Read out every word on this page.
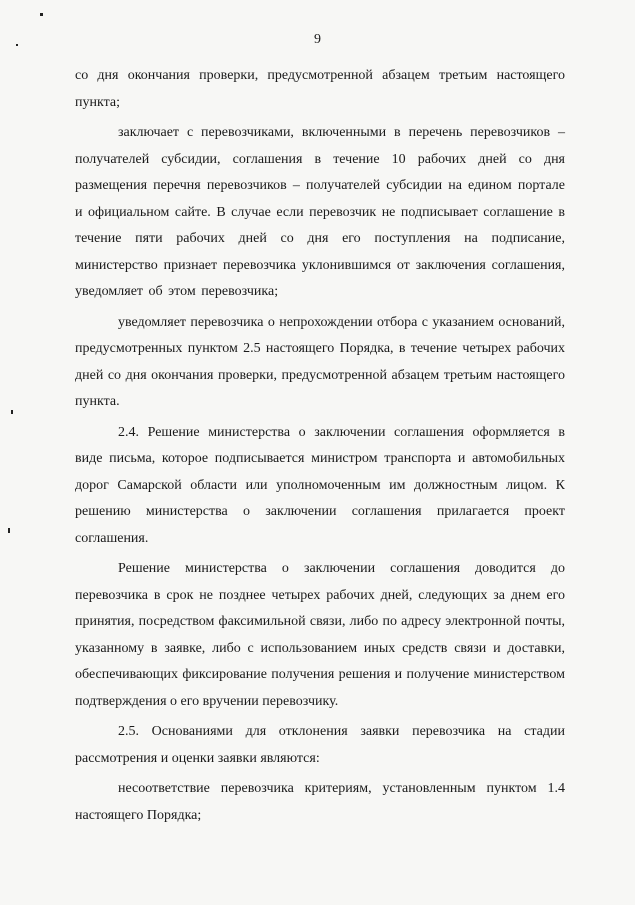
9

со дня окончания проверки, предусмотренной абзацем третьим настоящего пункта;

заключает с перевозчиками, включенными в перечень перевозчиков – получателей субсидии, соглашения в течение 10 рабочих дней со дня размещения перечня перевозчиков – получателей субсидии на едином портале и официальном сайте. В случае если перевозчик не подписывает соглашение в течение пяти рабочих дней со дня его поступления на подписание, министерство признает перевозчика уклонившимся от заключения соглашения, уведомляет об этом перевозчика;

уведомляет перевозчика о непрохождении отбора с указанием оснований, предусмотренных пунктом 2.5 настоящего Порядка, в течение четырех рабочих дней со дня окончания проверки, предусмотренной абзацем третьим настоящего пункта.

2.4. Решение министерства о заключении соглашения оформляется в виде письма, которое подписывается министром транспорта и автомобильных дорог Самарской области или уполномоченным им должностным лицом. К решению министерства о заключении соглашения прилагается проект соглашения.

Решение министерства о заключении соглашения доводится до перевозчика в срок не позднее четырех рабочих дней, следующих за днем его принятия, посредством факсимильной связи, либо по адресу электронной почты, указанному в заявке, либо с использованием иных средств связи и доставки, обеспечивающих фиксирование получения решения и получение министерством подтверждения о его вручении перевозчику.

2.5. Основаниями для отклонения заявки перевозчика на стадии рассмотрения и оценки заявки являются:

несоответствие перевозчика критериям, установленным пунктом 1.4 настоящего Порядка;
